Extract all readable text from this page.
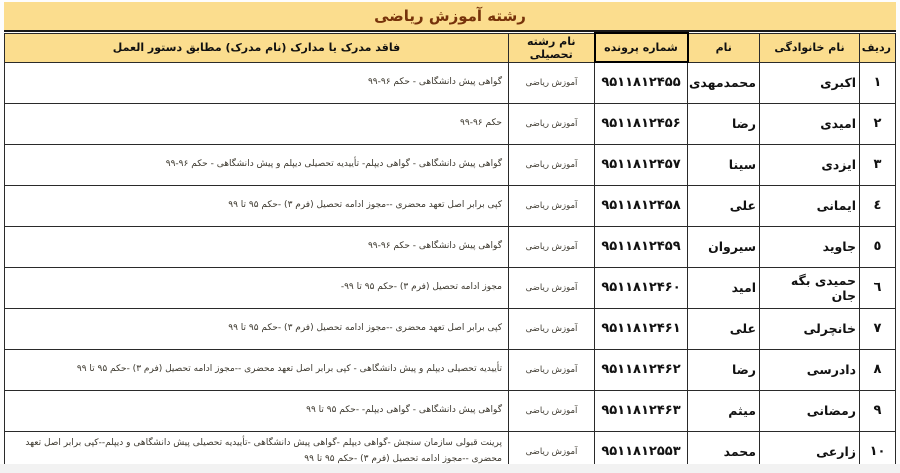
رشته آموزش ریاضی
ردیف	نام خانوادگی	نام	شماره پرونده	نام رشته تحصیلی	فاقد مدرک یا مدارک (نام مدرک) مطابق دستور العمل
١	اکبری	محمدمهدی	۹۵۱۱۸۱۲۴۵۵	آموزش ریاضی	گواهی پیش دانشگاهی - حکم ۹۶-۹۹
٢	امیدی	رضا	۹۵۱۱۸۱۲۴۵۶	آموزش ریاضی	حکم ۹۶-۹۹
٣	ایزدی	سینا	۹۵۱۱۸۱۲۴۵۷	آموزش ریاضی	گواهی پیش دانشگاهی - گواهی دیپلم- تأییدیه تحصیلی دیپلم و پیش دانشگاهی - حکم ۹۶-۹۹
٤	ایمانی	علی	۹۵۱۱۸۱۲۴۵۸	آموزش ریاضی	کپی برابر اصل تعهد محضری --مجوز ادامه تحصیل (فرم ۳) -حکم ۹۵ تا ۹۹
٥	جاوید	سیروان	۹۵۱۱۸۱۲۴۵۹	آموزش ریاضی	گواهی پیش دانشگاهی - حکم ۹۶-۹۹
٦	حمیدی بگه جان	امید	۹۵۱۱۸۱۲۴۶۰	آموزش ریاضی	مجوز ادامه تحصیل (فرم ۳) -حکم ۹۵ تا ۹۹-
٧	خانچرلی	علی	۹۵۱۱۸۱۲۴۶۱	آموزش ریاضی	کپی برابر اصل تعهد محضری --مجوز ادامه تحصیل (فرم ۳) -حکم ۹۵ تا ۹۹
٨	دادرسی	رضا	۹۵۱۱۸۱۲۴۶۲	آموزش ریاضی	تأییدیه تحصیلی دیپلم و پیش دانشگاهی - کپی برابر اصل تعهد محضری --مجوز ادامه تحصیل (فرم ۳) -حکم ۹۵ تا ۹۹
٩	رمضانی	میثم	۹۵۱۱۸۱۲۴۶۳	آموزش ریاضی	گواهی پیش دانشگاهی - گواهی دیپلم- -حکم ۹۵ تا ۹۹
١٠	زارعی	محمد	۹۵۱۱۸۱۲۵۵۳	آموزش ریاضی	پرینت قبولی سازمان سنجش -گواهی دیپلم -گواهی پیش دانشگاهی -تأییدیه تحصیلی پیش دانشگاهی و دیپلم--کپی برابر اصل تعهد محضری --مجوز ادامه تحصیل (فرم ۳) -حکم ۹۵ تا ۹۹
